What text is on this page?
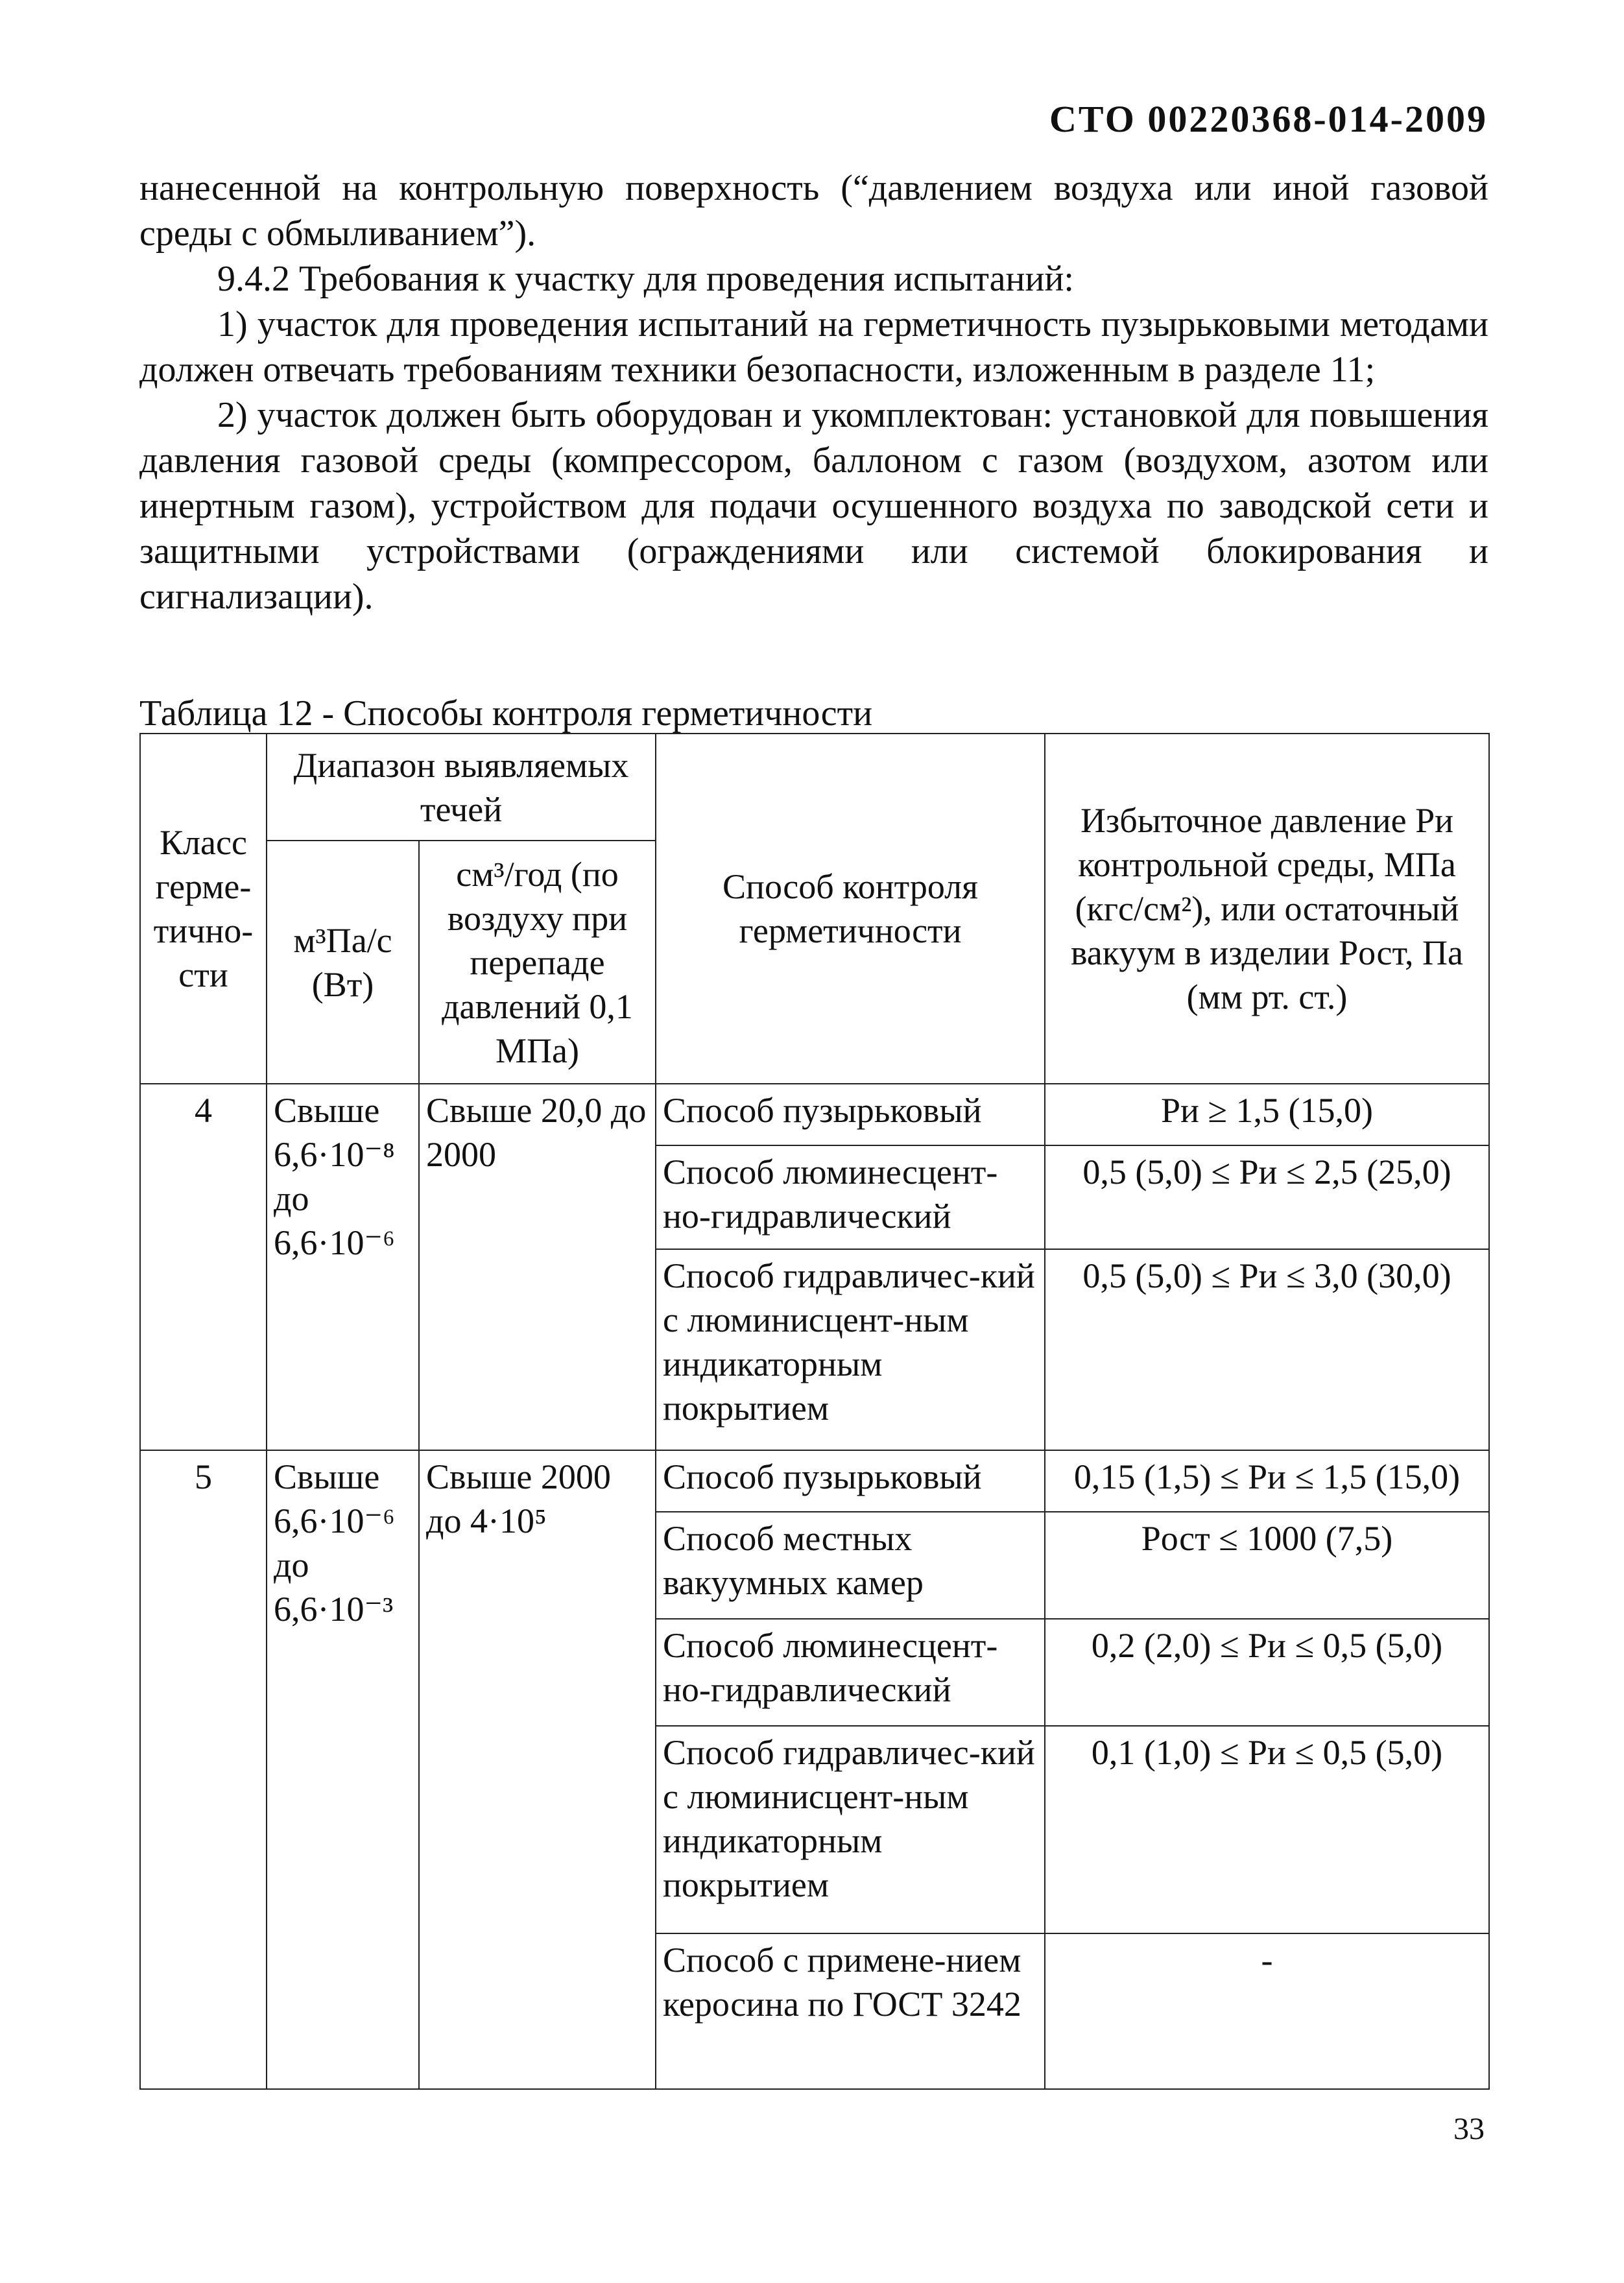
СТО 00220368-014-2009

нанесенной на контрольную поверхность (“давлением воздуха или иной газовой среды с обмыливанием”).

9.4.2 Требования к участку для проведения испытаний:

1) участок для проведения испытаний на герметичность пузырьковыми методами должен отвечать требованиям техники безопасности, изложенным в разделе 11;

2) участок должен быть оборудован и укомплектован: установкой для повышения давления газовой среды (компрессором, баллоном с газом (воздухом, азотом или инертным газом), устройством для подачи осушенного воздуха по заводской сети и защитными устройствами (ограждениями или системой блокирования и сигнализации).

Таблица 12 - Способы контроля герметичности
Класс герме-тично-сти	Диапазон выявляемых течей		Способ контроля герметичности	Избыточное давление Pи контрольной среды, МПа (кгс/см²), или остаточный вакуум в изделии Pост, Па (мм рт. ст.)
	м³Па/с (Вт)	см³/год (по воздуху при перепаде давлений 0,1 МПа)		
4	Свыше 6,6·10⁻⁸ до 6,6·10⁻⁶	Свыше 20,0 до 2000	Способ пузырьковый	Pи ≥ 1,5 (15,0)
			Способ люминесцент-но-гидравлический	0,5 (5,0) ≤ Pи ≤ 2,5 (25,0)
			Способ гидравличес-кий с люминисцент-ным индикаторным покрытием	0,5 (5,0) ≤ Pи ≤ 3,0 (30,0)
5	Свыше 6,6·10⁻⁶ до 6,6·10⁻³	Свыше 2000 до 4·10⁵	Способ пузырьковый	0,15 (1,5) ≤ Pи ≤ 1,5 (15,0)
			Способ местных вакуумных камер	Pост ≤ 1000 (7,5)
			Способ люминесцент-но-гидравлический	0,2 (2,0) ≤ Pи ≤ 0,5 (5,0)
			Способ гидравличес-кий с люминисцент-ным индикаторным покрытием	0,1 (1,0) ≤ Pи ≤ 0,5 (5,0)
			Способ с примене-нием керосина по ГОСТ 3242	-
33
